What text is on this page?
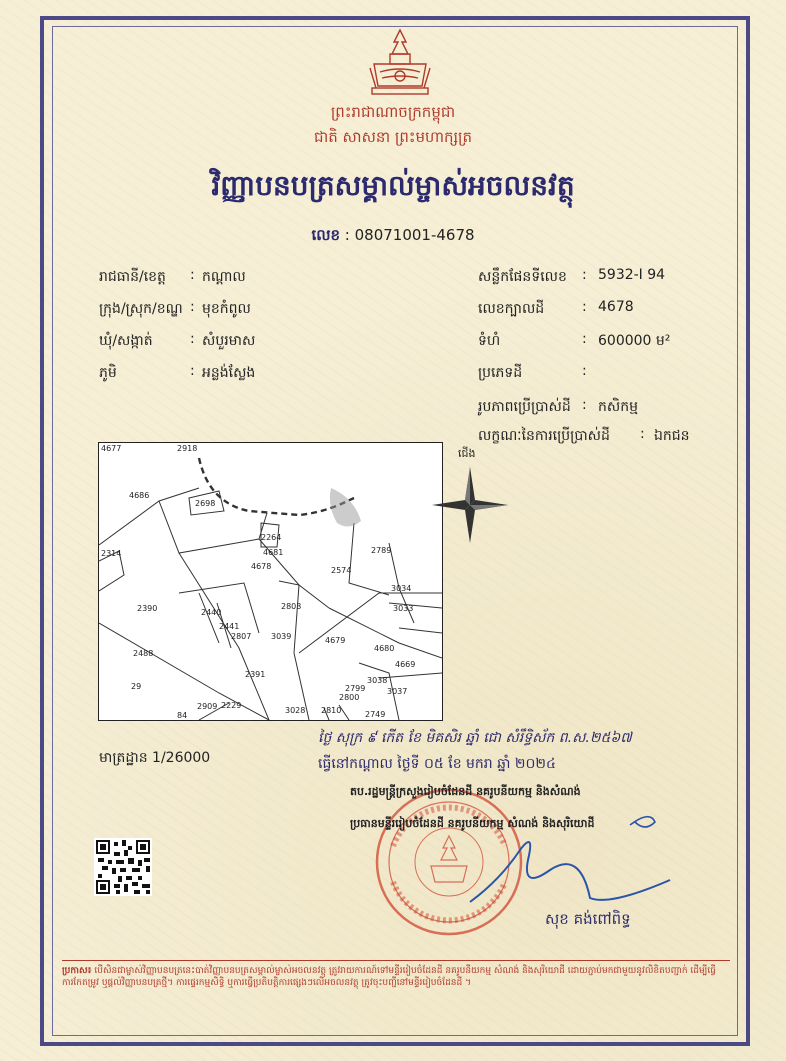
ព្រះរាជាណាចក្រកម្ពុជា
ជាតិ សាសនា ព្រះមហាក្សត្រ
វិញ្ញាបនបត្រសម្គាល់ម្ចាស់អចលនវត្ថុ
លេខ : 08071001-4678
រាជធានី/ខេត្ត : កណ្ដាល
ក្រុង/ស្រុក/ខណ្ឌ : មុខកំពូល
ឃុំ/សង្កាត់	: សំបួរមាស
ភូមិ	: អន្លង់ស្លែង
សន្លឹកផែនទីលេខ : 5932-I 94
លេខក្បាលដី	: 4678
ទំហំ	: 600000 ម²
ប្រភេទដី	:
រូបភាពប្រើប្រាស់ដី : កសិកម្ម
លក្ខណៈនៃការប្រើប្រាស់ដី : ឯកជន
4677	2918
4686
2698
2314
2264
4681
4678
2789
2574
3034
3033
2390	2440
2441
2807
2803
3039	4679
4680
4669
2488
2391
3038
3037
29
2909 2229
3028 2810
2800
2749
2799
84
ជើង
មាត្រដ្ឋាន 1/26000
ថ្ងៃ សុក្រ ៩ កើត ខែ មិគសិរ ឆ្នាំ ជោ សំរឹទ្ធិស័ក ព.ស.២៥៦៧
ធ្វើនៅកណ្ដាល ថ្ងៃទី ០៥ ខែ មករា ឆ្នាំ ២០២៤
តប.រដ្ឋមន្ត្រីក្រសួងរៀបចំដែនដី នគរូបនីយកម្ម និងសំណង់
ប្រធានមន្ទីររៀបចំដែនដី នគរូបនីយកម្ម សំណង់ និងសុរិយោដី
សុខ គង់ពៅពិទ្ធ
ប្រកាស៖ បើសិនជាម្ចាស់វិញ្ញាបនបត្រនេះបាត់វិញ្ញាបនបត្រសម្គាល់ម្ចាស់អចលនវត្ថុ ត្រូវរាយការណ៍ទៅមន្ទីររៀបចំដែនដី នគរូបនីយកម្ម សំណង់ និងសុរិយោដី ដោយភ្ជាប់មកជាមួយនូវលិខិតបញ្ជាក់ ដើម្បីធ្វើការកែតម្រូវ ឬផ្ដល់វិញ្ញាបនបត្រថ្មី។ ការផ្ទេរកម្មសិទ្ធិ ឬការធ្វើប្រតិបត្តិការផ្សេងៗលើអចលនវត្ថុ ត្រូវចុះបញ្ជីនៅមន្ទីររៀបចំដែនដី ។
